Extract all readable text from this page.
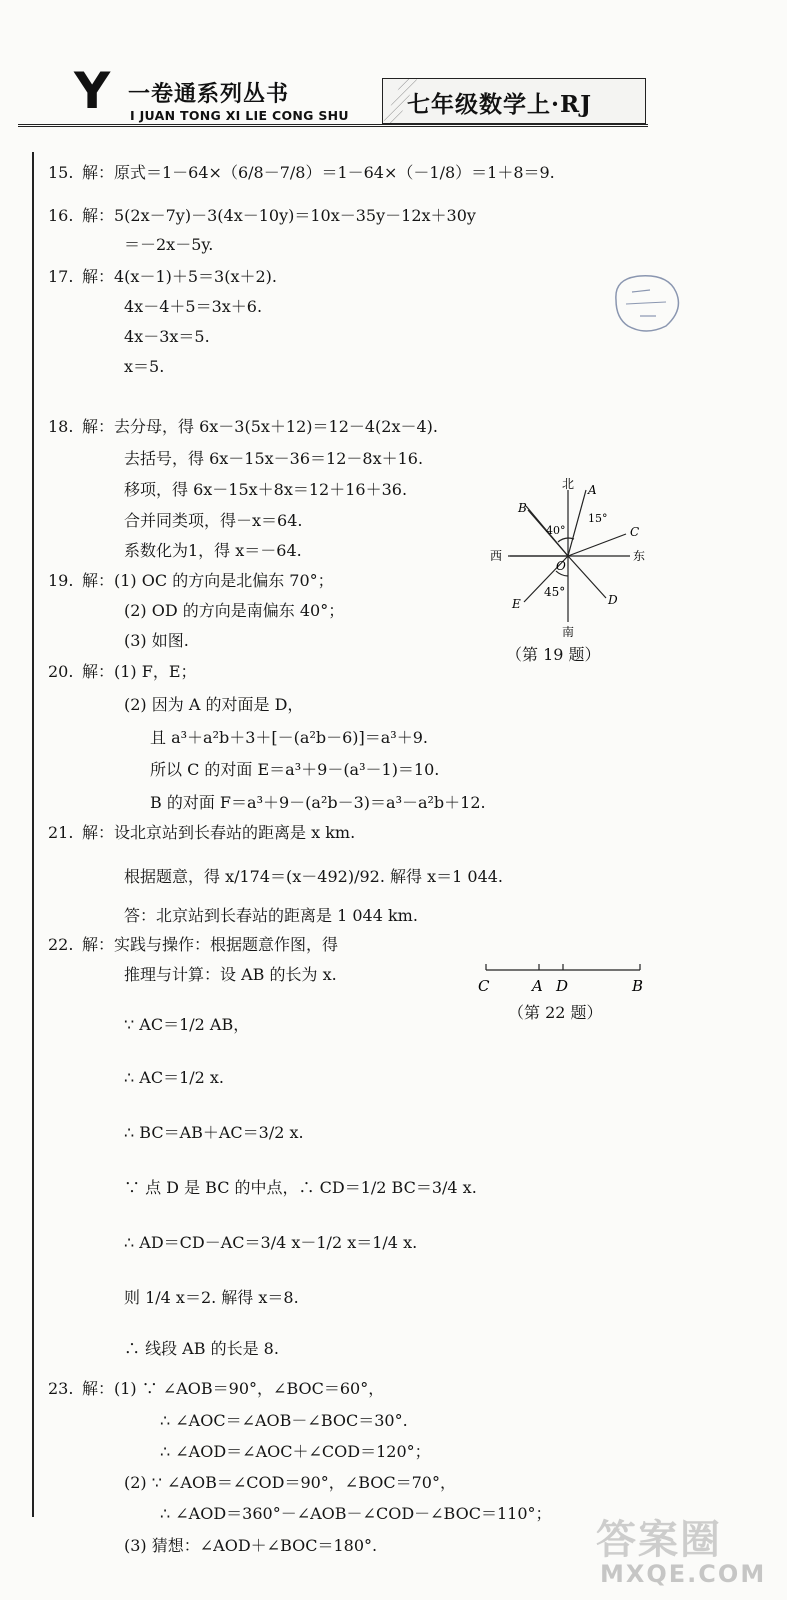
Y 一卷通系列丛书
I JUAN TONG XI LIE CONG SHU	七年级数学上·RJ
15. 解：原式＝1－64×（6/8－7/8）＝1－64×（－1/8）＝1＋8＝9.
16. 解：5(2x－7y)－3(4x－10y)＝10x－35y－12x＋30y
＝－2x－5y.
17. 解：4(x－1)＋5＝3(x＋2).
4x－4＋5＝3x＋6.
4x－3x＝5.
x＝5.
18. 解：去分母，得 6x－3(5x＋12)＝12－4(2x－4).
去括号，得 6x－15x－36＝12－8x＋16.
移项，得 6x－15x＋8x＝12＋16＋36.
合并同类项，得－x＝64.
系数化为1，得 x＝－64.
19. 解：(1) OC 的方向是北偏东 70°；
(2) OD 的方向是南偏东 40°；
(3) 如图.
20. 解：(1) F，E；
(2) 因为 A 的对面是 D，
且 a³＋a²b＋3＋[－(a²b－6)]＝a³＋9.
所以 C 的对面 E＝a³＋9－(a³－1)＝10.
B 的对面 F＝a³＋9－(a²b－3)＝a³－a²b＋12.
21. 解：设北京站到长春站的距离是 x km.
根据题意，得 x/174＝(x－492)/92. 解得 x＝1 044.
答：北京站到长春站的距离是 1 044 km.
22. 解：实践与操作：根据题意作图，得
推理与计算：设 AB 的长为 x.
∵ AC＝1/2 AB，
∴ AC＝1/2 x.
∴ BC＝AB＋AC＝3/2 x.
∵ 点 D 是 BC 的中点，∴ CD＝1/2 BC＝3/4 x.
∴ AD＝CD－AC＝3/4 x－1/2 x＝1/4 x.
则 1/4 x＝2. 解得 x＝8.
∴ 线段 AB 的长是 8.
23. 解：(1) ∵ ∠AOB＝90°，∠BOC＝60°，
∴ ∠AOC＝∠AOB－∠BOC＝30°.
∴ ∠AOD＝∠AOC＋∠COD＝120°；
(2) ∵ ∠AOB＝∠COD＝90°，∠BOC＝70°，
∴ ∠AOD＝360°－∠AOB－∠COD－∠BOC＝110°；
(3) 猜想：∠AOD＋∠BOC＝180°.
北
南
西	东
A
B
C
D
E
O
40°
15°
45°
（第 19 题）
C	A D	B
（第 22 题）
答案圈
MXQE.COM
